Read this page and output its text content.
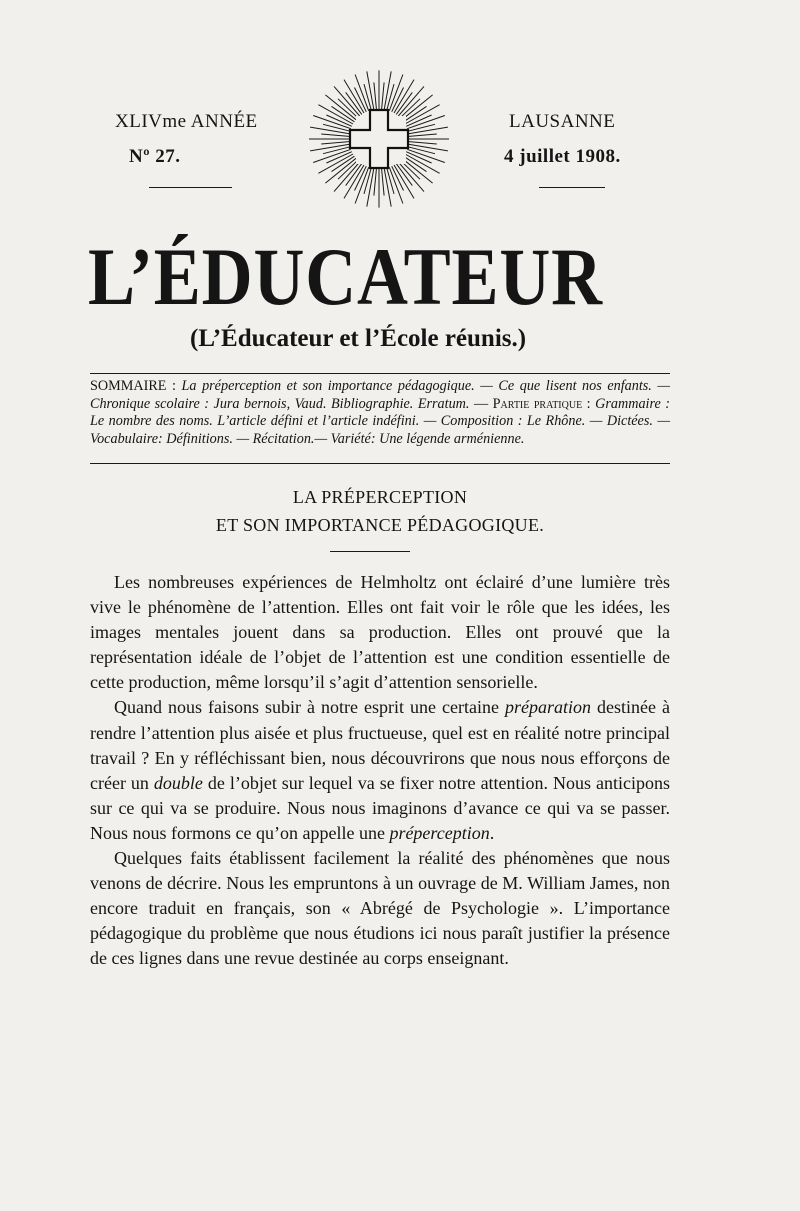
XLIVme ANNÉE
Nº 27.
LAUSANNE
4 juillet 1908.
L’ÉDUCATEUR
(L’Éducateur et l’École réunis.)
SOMMAIRE : La préperception et son importance pédagogique. — Ce que lisent nos enfants. — Chronique scolaire : Jura bernois, Vaud. Bibliographie. Erratum. — Partie pratique : Grammaire : Le nombre des noms. L’article défini et l’article indéfini. — Composition : Le Rhône. — Dictées. — Vocabulaire: Définitions. — Récitation.— Variété: Une légende arménienne.
LA PRÉPERCEPTION
ET SON IMPORTANCE PÉDAGOGIQUE.

Les nombreuses expériences de Helmholtz ont éclairé d’une lumière très vive le phénomène de l’attention. Elles ont fait voir le rôle que les idées, les images mentales jouent dans sa production. Elles ont prouvé que la représentation idéale de l’objet de l’attention est une condition essentielle de cette production, même lorsqu’il s’agit d’attention sensorielle.

Quand nous faisons subir à notre esprit une certaine préparation destinée à rendre l’attention plus aisée et plus fructueuse, quel est en réalité notre principal travail ? En y réfléchissant bien, nous découvrirons que nous nous efforçons de créer un double de l’objet sur lequel va se fixer notre attention. Nous anticipons sur ce qui va se produire. Nous nous imaginons d’avance ce qui va se passer. Nous nous formons ce qu’on appelle une préperception.

Quelques faits établissent facilement la réalité des phénomènes que nous venons de décrire. Nous les empruntons à un ouvrage de M. William James, non encore traduit en français, son « Abrégé de Psychologie ». L’importance pédagogique du problème que nous étudions ici nous paraît justifier la présence de ces lignes dans une revue destinée au corps enseignant.
